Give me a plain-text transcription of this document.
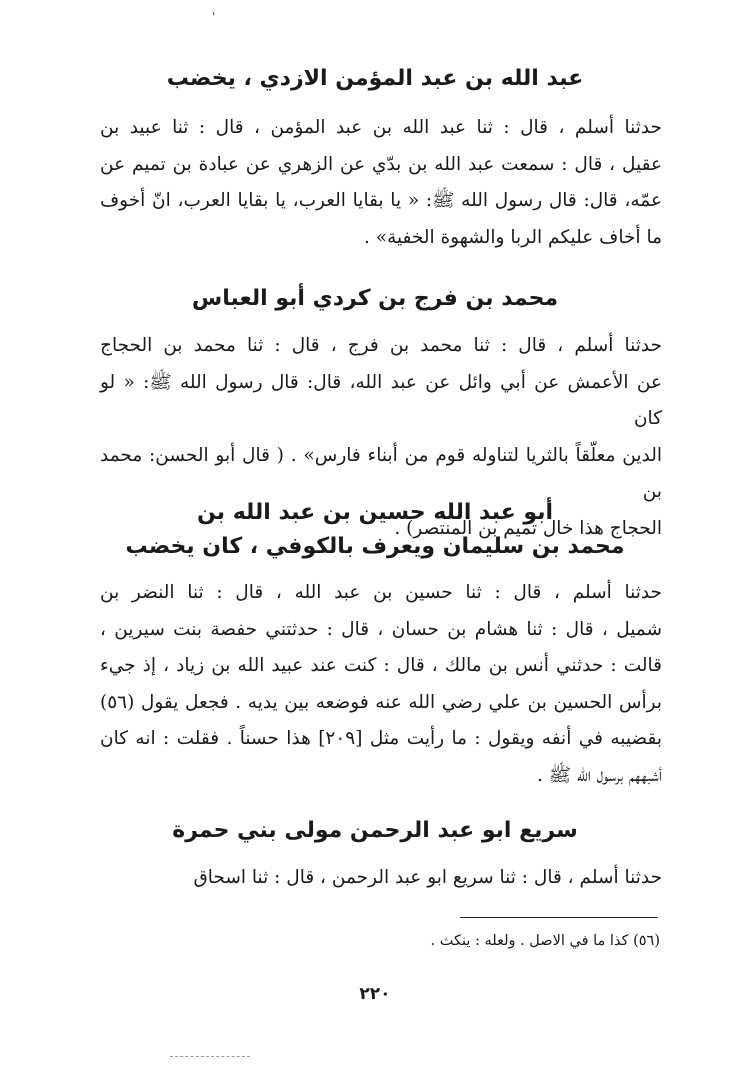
'
عبد الله بن عبد المؤمن الازدي ، يخضب
حدثنا أسلم ، قال : ثنا عبد الله بن عبد المؤمن ، قال : ثنا عبيد بن
عقيل ، قال : سمعت عبد الله بن بدّي عن الزهري عن عبادة بن تميم عن
عمّه، قال: قال رسول الله ﷺ: « يا بقايا العرب، يا بقايا العرب، انّ أخوف
ما أخاف عليكم الربا والشهوة الخفية» .
محمد بن فرج بن كردي أبو العباس
حدثنا أسلم ، قال : ثنا محمد بن فرج ، قال : ثنا محمد بن الحجاج
عن الأعمش عن أبي وائل عن عبد الله، قال: قال رسول الله ﷺ: « لو كان
الدين معلّقاً بالثريا لتناوله قوم من أبناء فارس» . ( قال أبو الحسن: محمد بن
الحجاج هذا خال تميم بن المنتصر) .
أبو عبد الله حسين بن عبد الله بن
محمد بن سليمان ويعرف بالكوفي ، كان يخضب
حدثنا أسلم ، قال : ثنا حسين بن عبد الله ، قال : ثنا النضر بن
شميل ، قال : ثنا هشام بن حسان ، قال : حدثتني حفصة بنت سيرين ،
قالت : حدثني أنس بن مالك ، قال : كنت عند عبيد الله بن زياد ، إذ جيء
برأس الحسين بن علي رضي الله عنه فوضعه بين يديه . فجعل يقول (٥٦)
بقضيبه في أنفه ويقول : ما رأيت مثل [٢٠٩] هذا حسناً . فقلت : انه كان
أشبههم برسول الله ﷺ .
سريع ابو عبد الرحمن مولى بني حمرة
حدثنا أسلم ، قال : ثنا سريع ابو عبد الرحمن ، قال : ثنا اسحاق
(٥٦) كذا ما في الاصل . ولعله : ينكث .
٢٢٠
